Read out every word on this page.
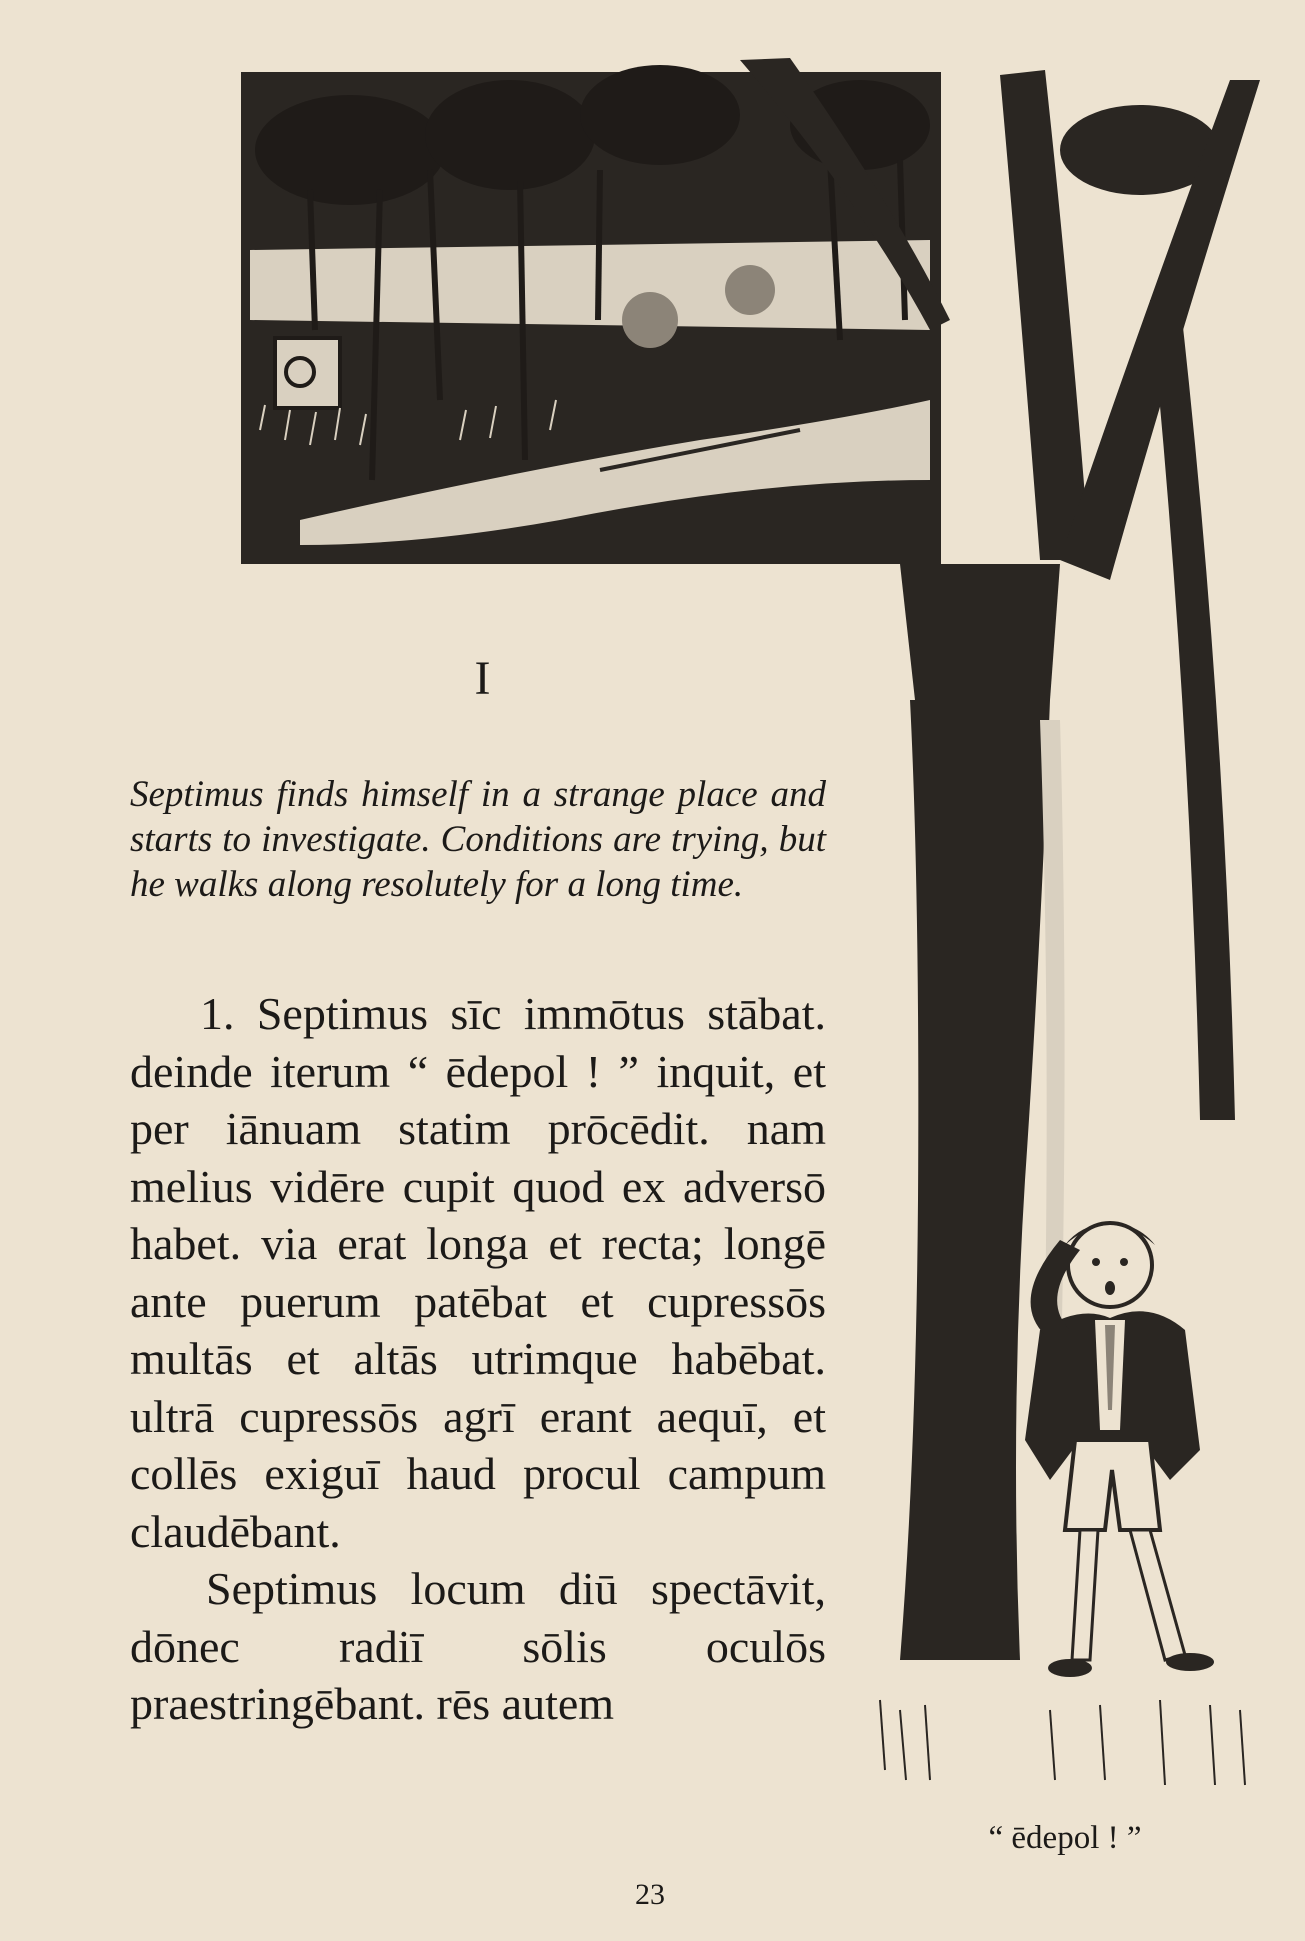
I
Septimus finds himself in a strange place and starts to investigate. Conditions are trying, but he walks along resolutely for a long time.

1. Septimus sīc immōtus stābat. deinde iterum “ ēdepol ! ” inquit, et per iānuam statim prōcēdit. nam melius vidēre cupit quod ex adversō habet. via erat longa et recta; longē ante puerum patēbat et cupressōs multās et altās utrimque habēbat. ultrā cupressōs agrī erant aequī, et collēs exiguī haud procul campum claudēbant.

Septimus locum diū spectāvit, dōnec radiī sōlis oculōs praestringēbant. rēs autem

“ ēdepol ! ”
23
